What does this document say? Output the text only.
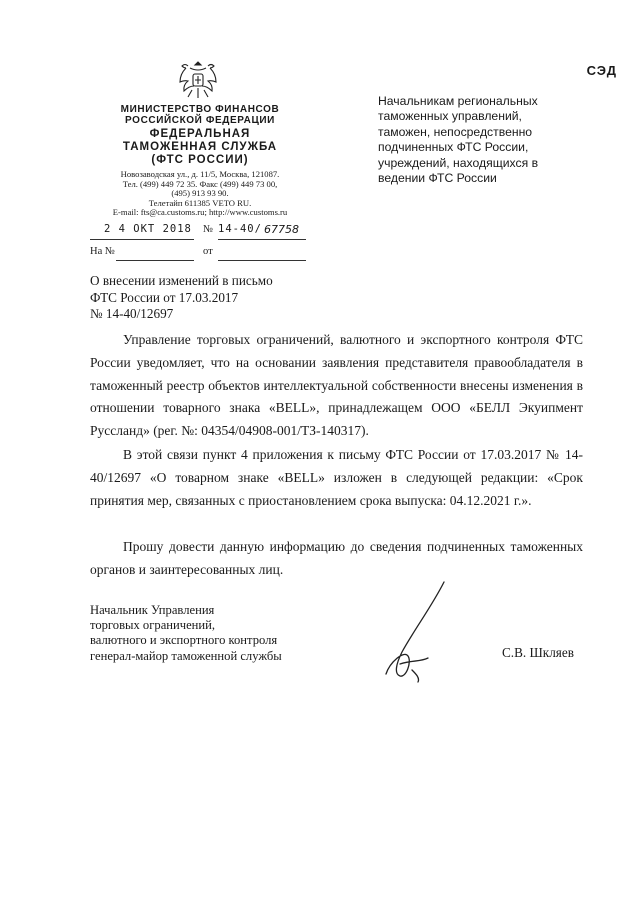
МИНИСТЕРСТВО ФИНАНСОВ
РОССИЙСКОЙ ФЕДЕРАЦИИ
ФЕДЕРАЛЬНАЯ
ТАМОЖЕННАЯ СЛУЖБА
(ФТС РОССИИ)
Новозаводская ул., д. 11/5, Москва, 121087.
Тел. (499) 449 72 35. Факс (499) 449 73 00,
(495) 913 93 90.
Телетайп 611385 VETO RU.
E-mail: fts@ca.customs.ru; http://www.customs.ru
2 4 ОКТ 2018 № 14-40/ 67758
На №	от
СЭД
Начальникам региональных
таможенных управлений,
таможен, непосредственно
подчиненных ФТС России,
учреждений, находящихся в
ведении ФТС России
О внесении изменений в письмо
ФТС России от 17.03.2017
№ 14-40/12697

Управление торговых ограничений, валютного и экспортного контроля ФТС России уведомляет, что на основании заявления представителя правообладателя в таможенный реестр объектов интеллектуальной собственности внесены изменения в отношении товарного знака «BELL», принадлежащем ООО «БЕЛЛ Экуипмент Руссланд» (рег. №: 04354/04908-001/ТЗ-140317).

В этой связи пункт 4 приложения к письму ФТС России от 17.03.2017 № 14-40/12697 «О товарном знаке «BELL» изложен в следующей редакции: «Срок принятия мер, связанных с приостановлением срока выпуска: 04.12.2021 г.».

Прошу довести данную информацию до сведения подчиненных таможенных органов и заинтересованных лиц.

Начальник Управления
торговых ограничений,
валютного и экспортного контроля
генерал-майор таможенной службы	С.В. Шкляев
